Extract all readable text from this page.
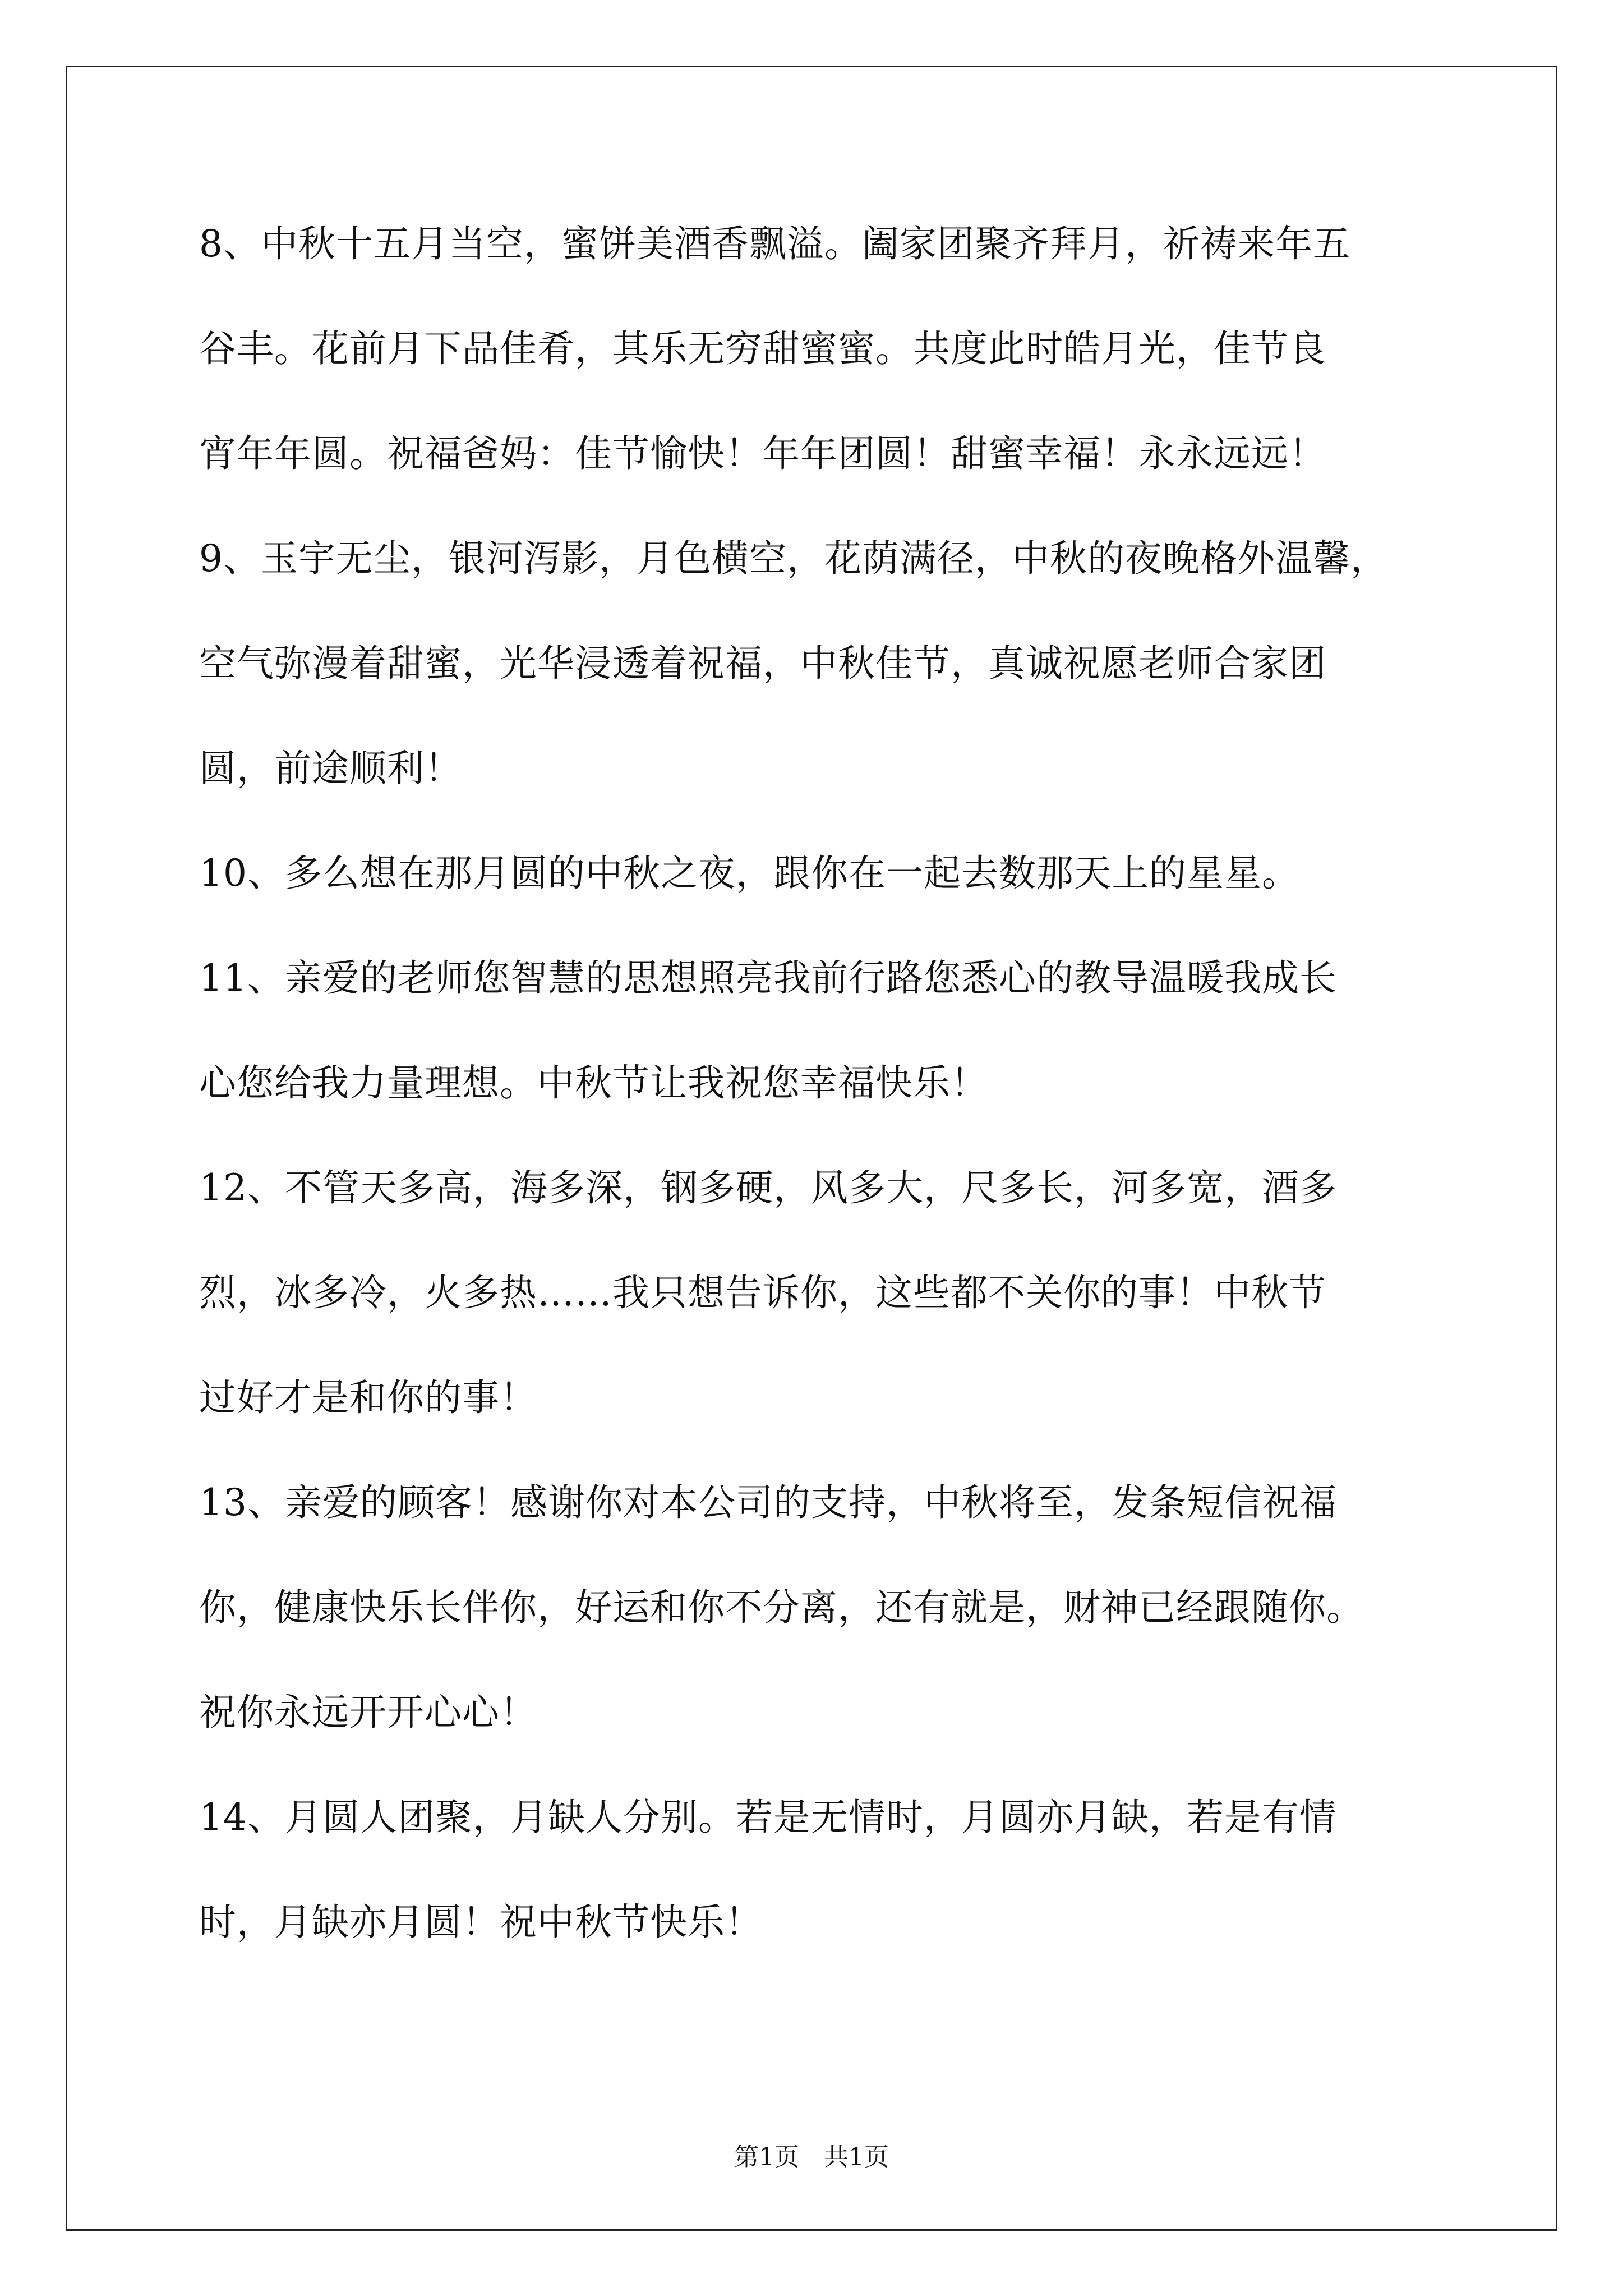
8、中秋十五月当空，蜜饼美酒香飘溢。阖家团聚齐拜月，祈祷来年五
谷丰。花前月下品佳肴，其乐无穷甜蜜蜜。共度此时皓月光，佳节良
宵年年圆。祝福爸妈：佳节愉快！年年团圆！甜蜜幸福！永永远远！
9、玉宇无尘，银河泻影，月色横空，花荫满径，中秋的夜晚格外温馨，
空气弥漫着甜蜜，光华浸透着祝福，中秋佳节，真诚祝愿老师合家团
圆，前途顺利！
10、多么想在那月圆的中秋之夜，跟你在一起去数那天上的星星。
11、亲爱的老师您智慧的思想照亮我前行路您悉心的教导温暖我成长
心您给我力量理想。中秋节让我祝您幸福快乐！
12、不管天多高，海多深，钢多硬，风多大，尺多长，河多宽，酒多
烈，冰多冷，火多热……我只想告诉你，这些都不关你的事！中秋节
过好才是和你的事！
13、亲爱的顾客！感谢你对本公司的支持，中秋将至，发条短信祝福
你，健康快乐长伴你，好运和你不分离，还有就是，财神已经跟随你。
祝你永远开开心心！
14、月圆人团聚，月缺人分别。若是无情时，月圆亦月缺，若是有情
时，月缺亦月圆！祝中秋节快乐！
第1页　共1页
